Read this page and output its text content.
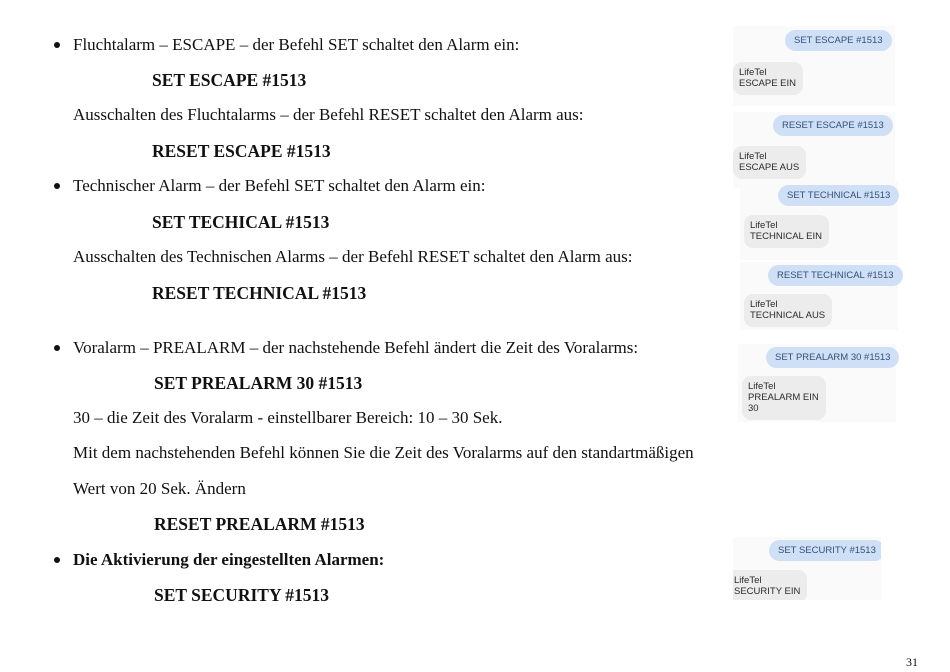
Fluchtalarm – ESCAPE – der Befehl SET schaltet den Alarm ein:
SET ESCAPE #1513
Ausschalten des Fluchtalarms – der Befehl RESET schaltet den Alarm aus:
RESET ESCAPE #1513
Technischer Alarm – der Befehl SET schaltet den Alarm ein:
SET TECHICAL #1513
Ausschalten des Technischen Alarms – der Befehl RESET schaltet den Alarm aus:
RESET TECHNICAL #1513
Voralarm – PREALARM – der nachstehende Befehl ändert die Zeit des Voralarms:
SET PREALARM 30 #1513
30 – die Zeit des Voralarm - einstellbarer Bereich: 10 – 30 Sek.
Mit dem nachstehenden Befehl können Sie die Zeit des Voralarms auf den standartmäßigen
Wert von 20 Sek. Ändern
RESET PREALARM #1513
Die Aktivierung der eingestellten Alarmen:
SET SECURITY #1513
SET ESCAPE #1513
LifeTel
ESCAPE EIN
RESET ESCAPE #1513
LifeTel
ESCAPE AUS
SET TECHNICAL #1513
LifeTel
TECHNICAL EIN
RESET TECHNICAL #1513
LifeTel
TECHNICAL AUS
SET PREALARM 30 #1513
LifeTel
PREALARM EIN
30
SET SECURITY #1513
LifeTel
SECURITY EIN
31
